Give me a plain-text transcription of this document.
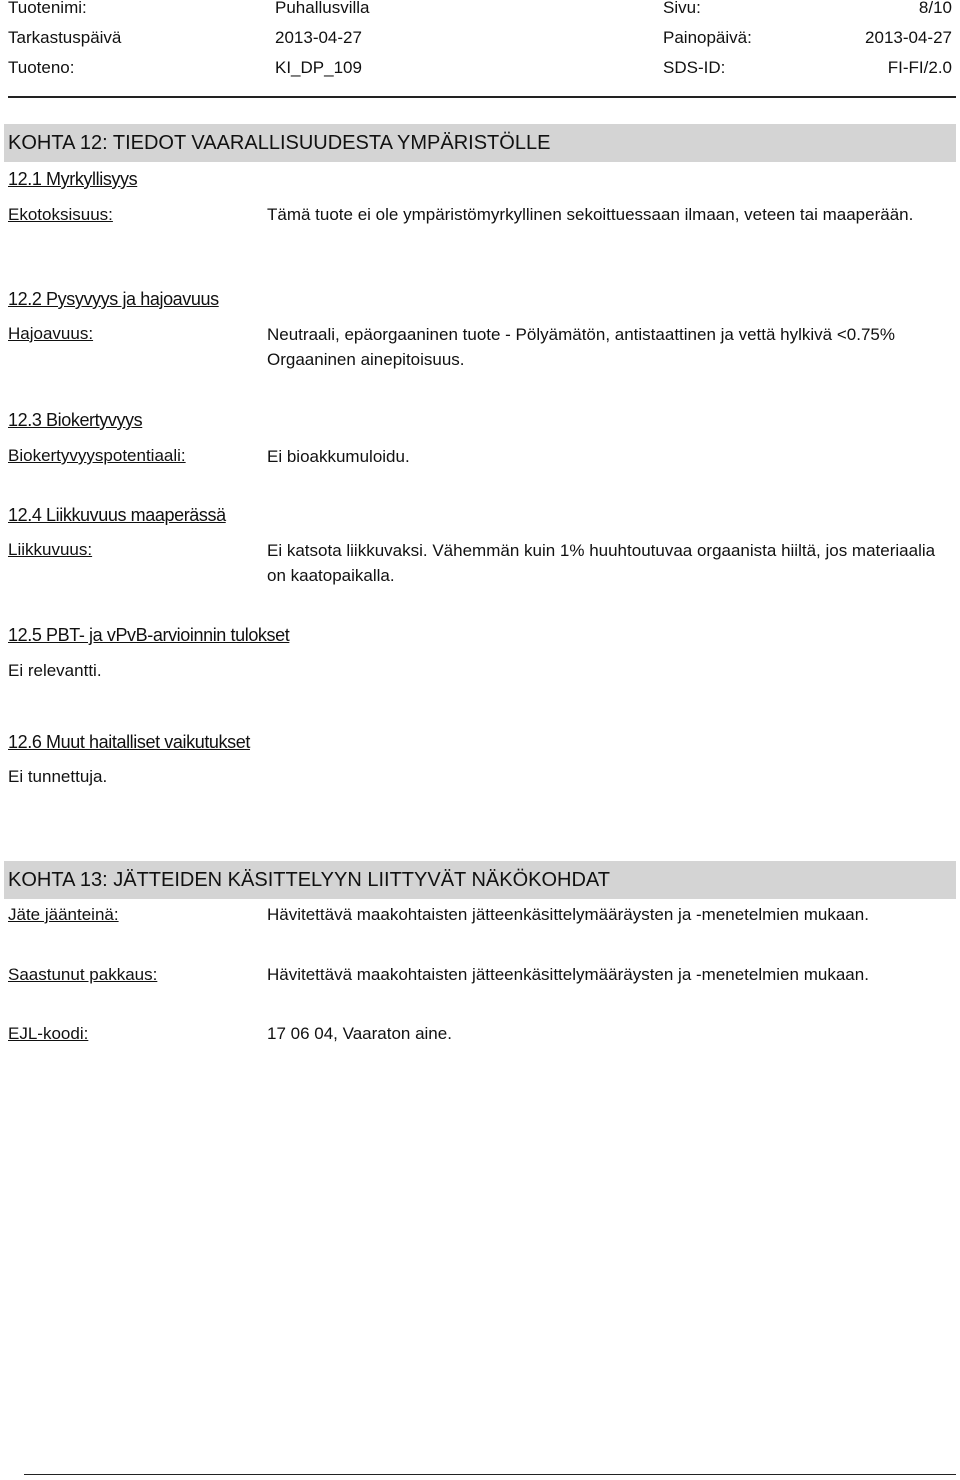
Tuotenimi:	Puhallusvilla	Sivu:	8/10
Tarkastuspäivä	2013-04-27	Painopäivä:	2013-04-27
Tuoteno:	KI_DP_109	SDS-ID:	FI-FI/2.0
KOHTA 12: TIEDOT VAARALLISUUDESTA YMPÄRISTÖLLE
12.1 Myrkyllisyys
Ekotoksisuus:	Tämä tuote ei ole ympäristömyrkyllinen sekoittuessaan ilmaan, veteen tai maaperään.
12.2 Pysyvyys ja hajoavuus
Hajoavuus:	Neutraali, epäorgaaninen tuote - Pölyämätön, antistaattinen ja vettä hylkivä <0.75% Orgaaninen ainepitoisuus.
12.3 Biokertyvyys
Biokertyvyyspotentiaali:	Ei bioakkumuloidu.
12.4 Liikkuvuus maaperässä
Liikkuvuus:	Ei katsota liikkuvaksi. Vähemmän kuin 1% huuhtoutuvaa orgaanista hiiltä, jos materiaalia on kaatopaikalla.
12.5 PBT- ja vPvB-arvioinnin tulokset
Ei relevantti.
12.6 Muut haitalliset vaikutukset
Ei tunnettuja.
KOHTA 13: JÄTTEIDEN KÄSITTELYYN LIITTYVÄT NÄKÖKOHDAT
Jäte jäänteinä:	Hävitettävä maakohtaisten jätteenkäsittelymääräysten ja -menetelmien mukaan.
Saastunut pakkaus:	Hävitettävä maakohtaisten jätteenkäsittelymääräysten ja -menetelmien mukaan.
EJL-koodi:	17 06 04, Vaaraton aine.
